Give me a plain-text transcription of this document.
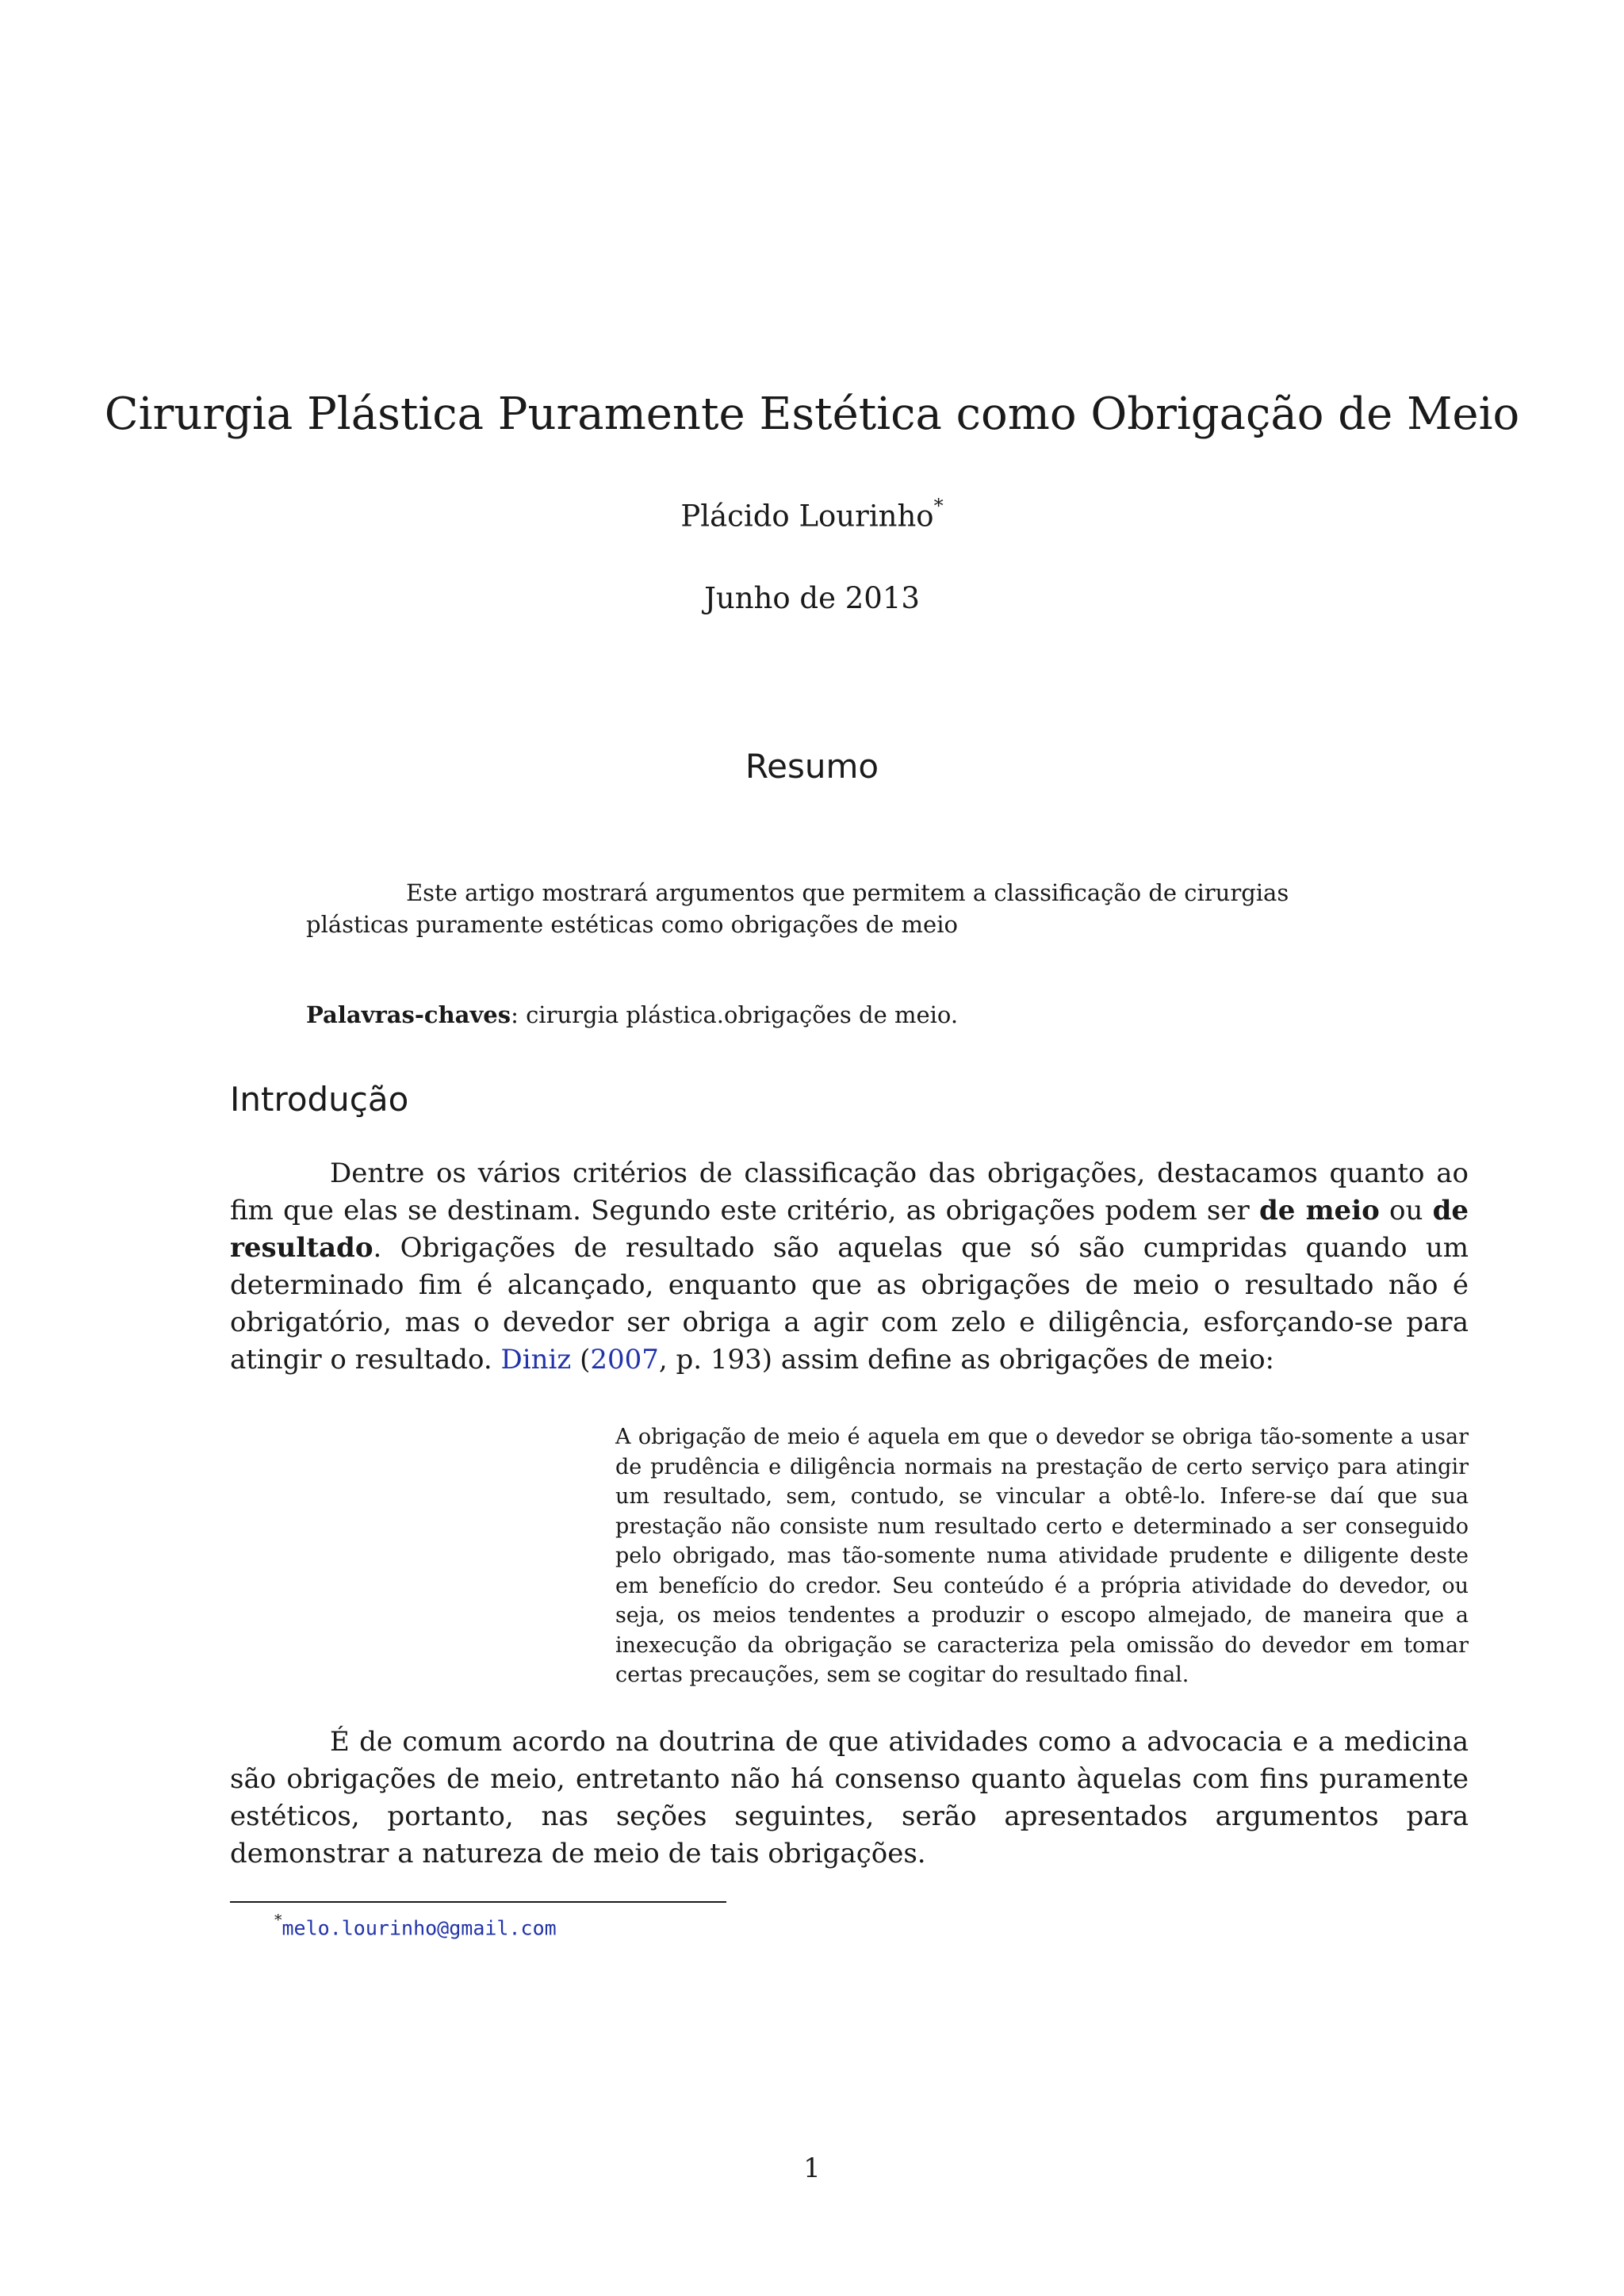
Cirurgia Plástica Puramente Estética como Obrigação de Meio
Plácido Lourinho*
Junho de 2013
Resumo
Este artigo mostrará argumentos que permitem a classificação de cirurgias plásticas puramente estéticas como obrigações de meio
Palavras-chaves: cirurgia plástica.obrigações de meio.
Introdução
Dentre os vários critérios de classificação das obrigações, destacamos quanto ao fim que elas se destinam. Segundo este critério, as obrigações podem ser de meio ou de resultado. Obrigações de resultado são aquelas que só são cumpridas quando um determinado fim é alcançado, enquanto que as obrigações de meio o resultado não é obrigatório, mas o devedor ser obriga a agir com zelo e diligência, esforçando-se para atingir o resultado. Diniz (2007, p. 193) assim define as obrigações de meio:
A obrigação de meio é aquela em que o devedor se obriga tão-somente a usar de prudência e diligência normais na prestação de certo serviço para atingir um resultado, sem, contudo, se vincular a obtê-lo. Infere-se daí que sua prestação não consiste num resultado certo e determinado a ser conseguido pelo obrigado, mas tão-somente numa atividade prudente e diligente deste em benefício do credor. Seu conteúdo é a própria atividade do devedor, ou seja, os meios tendentes a produzir o escopo almejado, de maneira que a inexecução da obrigação se caracteriza pela omissão do devedor em tomar certas precauções, sem se cogitar do resultado final.
É de comum acordo na doutrina de que atividades como a advocacia e a medicina são obrigações de meio, entretanto não há consenso quanto àquelas com fins puramente estéticos, portanto, nas seções seguintes, serão apresentados argumentos para demonstrar a natureza de meio de tais obrigações.
*melo.lourinho@gmail.com
1
